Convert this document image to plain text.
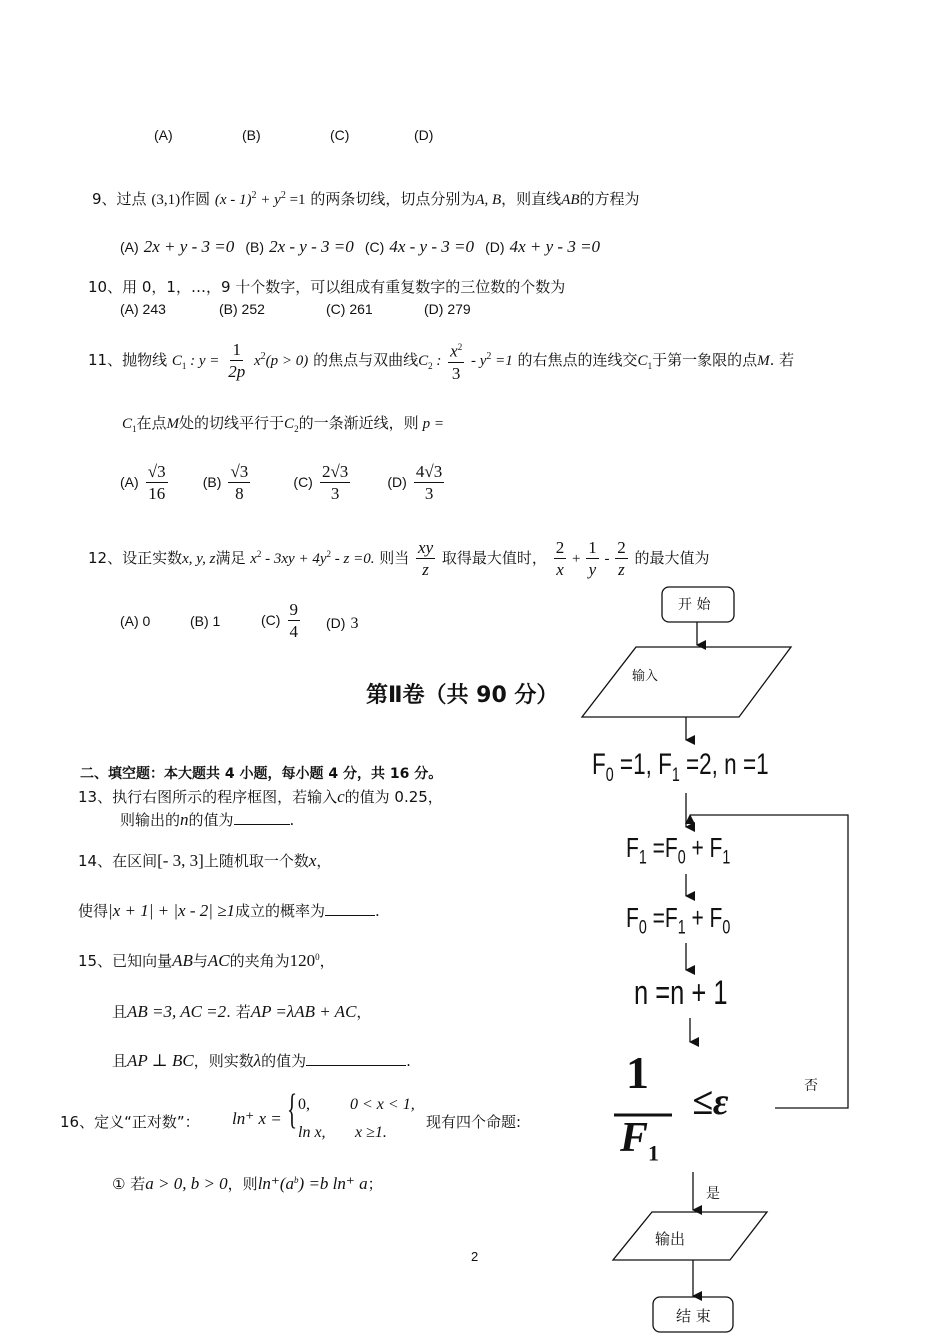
(A)	(B)	(C)	(D)
9、过点 (3,1)作圆 $(x - 1)^2 + y^2 =1$ 的两条切线，切点分别为A, B，则直线AB的方程为
(A) 2x + y - 3 =0 (B) 2x - y - 3 =0 (C) 4x - y - 3 =0 (D) 4x + y - 3 =0
10、用 0，1，…，9 十个数字，可以组成有重复数字的三位数的个数为
(A) 243	(B) 252	(C) 261	(D) 279
11、抛物线 $C_1$ : $y = \frac{1}{2p} x^2(p > 0)$ 的焦点与双曲线$C_2$ : $\frac{x^2}{3} - y^2 =1$ 的右焦点的连线交$C_1$于第一象限的点M. 若
$C_1$在点M处的切线平行于$C_2$的一条渐近线，则 p =
$(A) \frac{√3}{16}$	$(B) \frac{√3}{8}$	$(C) \frac{2√3}{3}$	$(D) \frac{4√3}{3}$
12、设正实数x, y, z满足 $x^2 - 3xy + 4y^2 - z =0$. 则当 $\frac{xy}{z}$ 取得最大值时， $\frac{2}{x} + \frac{1}{y} - \frac{2}{z}$ 的最大值为
(A) 0	(B) 1	$(C) \frac{9}{4} (D)$ 3
第Ⅱ卷（共 90 分）
二、填空题：本大题共 4 小题，每小题 4 分，共 16 分。
13、执行右图所示的程序框图，若输入c的值为 0.25，
则输出的n的值为	.
14、在区间[- 3, 3]上随机取一个数x，
使得|x + 1| + |x - 2| ≥1成立的概率为	.
15、已知向量AB与AC的夹角为$120^0$，
且AB =3, AC =2. 若AP =λAB + AC，
且AP ⊥ BC，则实数λ的值为	.
16、定义“正对数”： ln⁺ x = { 0,	0 < x < 1,
ln x, x ≥1.
现有四个命题:
① 若a > 0, b > 0，则$\ln^+(a^b) =b$ ln⁺ a；
2
开 始
输入
$F_0 =1$, $F_1 =2$, n =1
$F_1 =F_0 + F_1$
$F_0 =F_1 + F_0$
n =n + 1
1
$F_1$
≤ε	否
是
输出
结 束
